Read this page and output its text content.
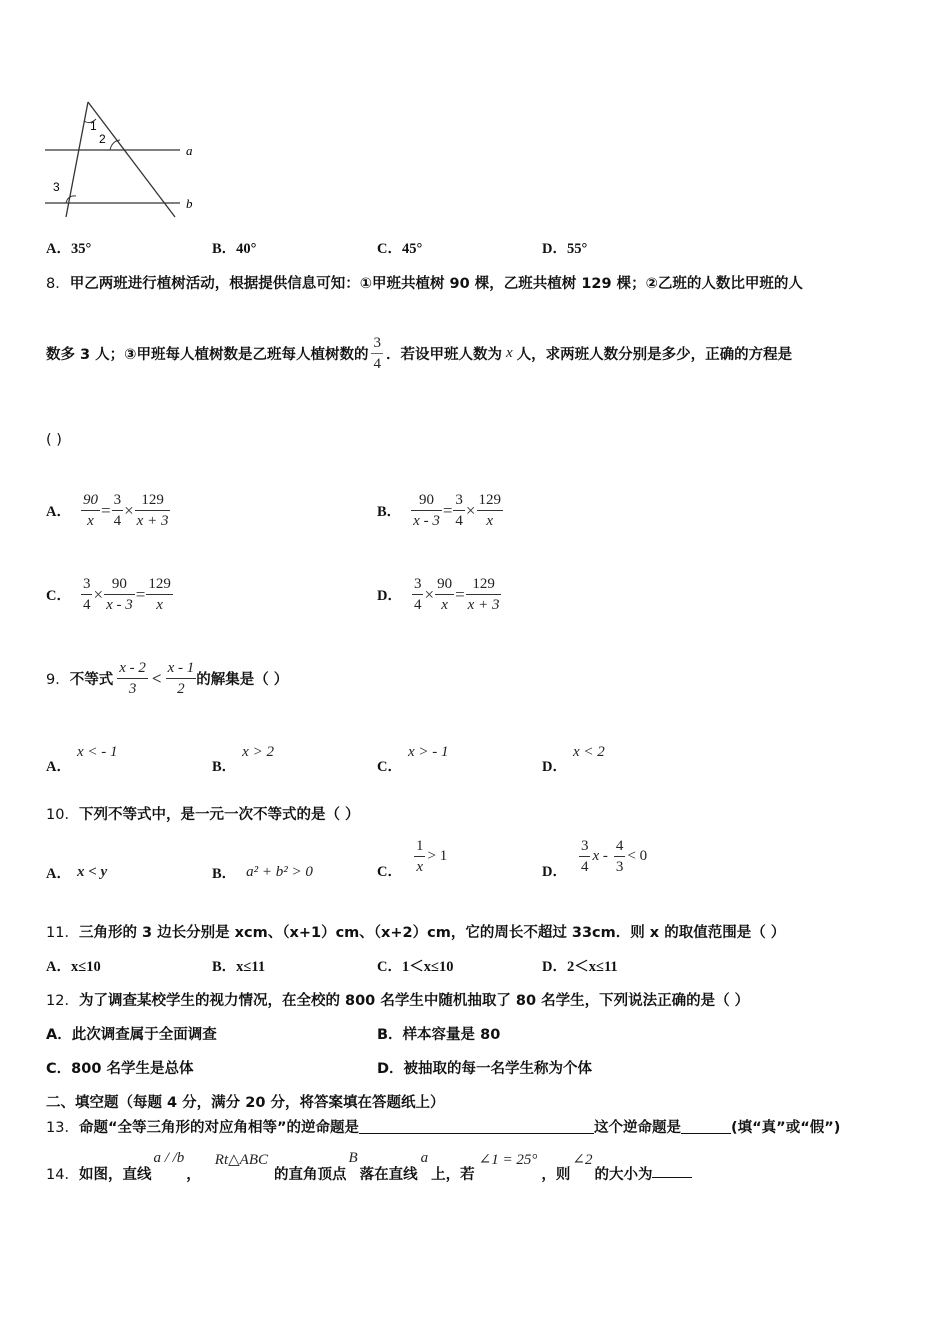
1
2
3
a
b
A．35°	B．40°	C．45°	D．55°
8．甲乙两班进行植树活动，根据提供信息可知：①甲班共植树 90 棵，乙班共植树 129 棵；②乙班的人数比甲班的人
数多 3 人；③甲班每人植树数是乙班每人植树数的 $\frac{3}{4}$ ．若设甲班人数为 x 人，求两班人数分别是多少，正确的方程是
( )
A． $\frac{90}{x} = \frac{3}{4} \times \frac{129}{x + 3}$	B． $\frac{90}{x - 3} = \frac{3}{4} \times \frac{129}{x}$
C． $\frac{3}{4} \times \frac{90}{x - 3} = \frac{129}{x}$	D． $\frac{3}{4} \times \frac{90}{x} = \frac{129}{x + 3}$
9． 不等式 $\frac{x - 2}{3} < \frac{x - 1}{2}$ 的解集是（ ）
A．x < - 1
B．x > 2
C．x > - 1
D．x < 2
10．下列不等式中，是一元一次不等式的是（ ）
A． x < y	B． a² + b² > 0	C． $\frac{1}{x} > 1$
D． $\frac{3}{4}$ $x - \frac{4}{3} < 0$
11．三角形的 3 边长分别是 xcm、（x+1）cm、（x+2）cm，它的周长不超过 33cm．则 x 的取值范围是（ ）
A．x≤10	B．x≤11	C．1＜x≤10	D．2＜x≤11
12．为了调查某校学生的视力情况，在全校的 800 名学生中随机抽取了 80 名学生，下列说法正确的是（ ）
A．此次调查属于全面调查	B．样本容量是 80
C．800 名学生是总体	D．被抽取的每一名学生称为个体
二、填空题（每题 4 分，满分 20 分，将答案填在答题纸上）
13． 命题“全等三角形的对应角相等”的逆命题是	这个逆命题是	(填“真”或“假”)
14． 如图，直线
a / /b
，
Rt△ABC
的直角顶点
B
落在直线
a
上，若
∠1 = 25°
，则
∠2
的大小为
